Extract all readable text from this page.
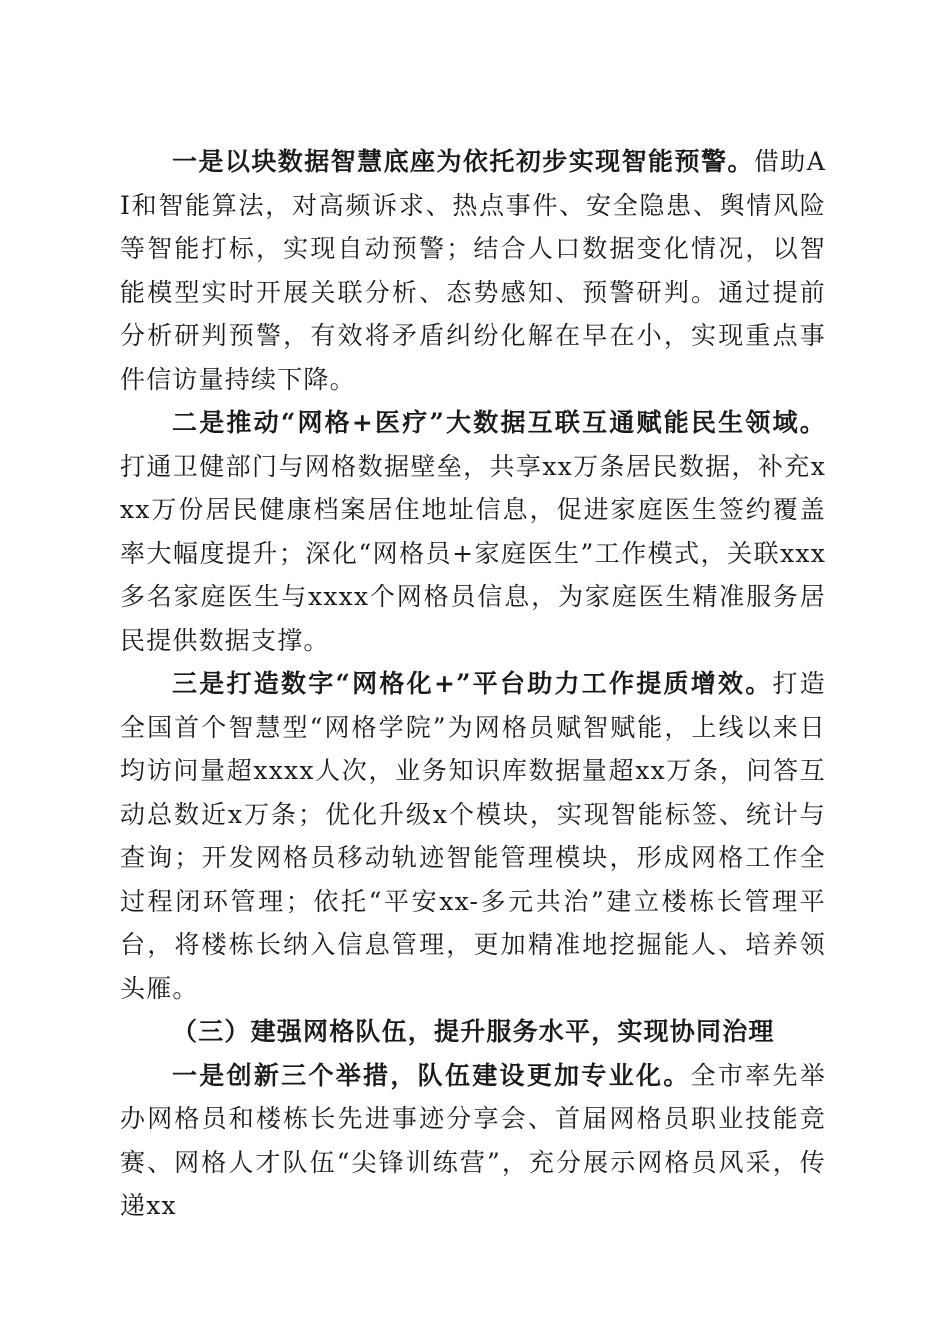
一是以块数据智慧底座为依托初步实现智能预警。借助AI和智能算法，对高频诉求、热点事件、安全隐患、舆情风险等智能打标，实现自动预警；结合人口数据变化情况，以智能模型实时开展关联分析、态势感知、预警研判。通过提前分析研判预警，有效将矛盾纠纷化解在早在小，实现重点事件信访量持续下降。

二是推动“网格+医疗”大数据互联互通赋能民生领域。打通卫健部门与网格数据壁垒，共享xx万条居民数据，补充xxx万份居民健康档案居住地址信息，促进家庭医生签约覆盖率大幅度提升；深化“网格员+家庭医生”工作模式，关联xxx多名家庭医生与xxxx个网格员信息，为家庭医生精准服务居民提供数据支撑。

三是打造数字“网格化+”平台助力工作提质增效。打造全国首个智慧型“网格学院”为网格员赋智赋能，上线以来日均访问量超xxxx人次，业务知识库数据量超xx万条，问答互动总数近x万条；优化升级x个模块，实现智能标签、统计与查询；开发网格员移动轨迹智能管理模块，形成网格工作全过程闭环管理；依托“平安xx-多元共治”建立楼栋长管理平台，将楼栋长纳入信息管理，更加精准地挖掘能人、培养领头雁。

（三）建强网格队伍，提升服务水平，实现协同治理

一是创新三个举措，队伍建设更加专业化。全市率先举办网格员和楼栋长先进事迹分享会、首届网格员职业技能竞赛、网格人才队伍“尖锋训练营”，充分展示网格员风采，传递xx
